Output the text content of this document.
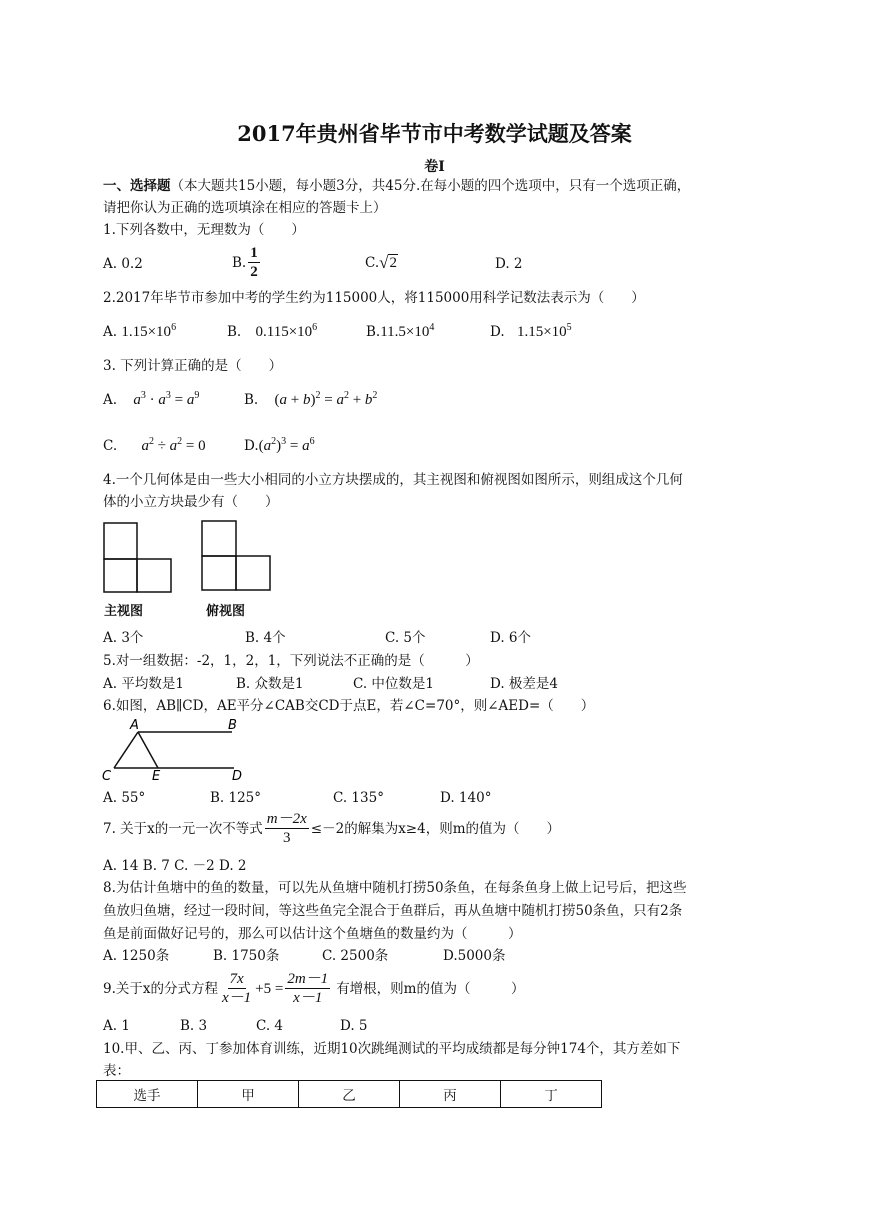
2017年贵州省毕节市中考数学试题及答案
卷Ⅰ
一、选择题（本大题共15小题，每小题3分，共45分.在每小题的四个选项中，只有一个选项正确，
请把你认为正确的选项填涂在相应的答题卡上）
1.下列各数中，无理数为（　　）
A. 0.2	B. $\frac{1}{2}$	C. √ 2	D. 2
2.2017年毕节市参加中考的学生约为115000人，将115000用科学记数法表示为（　　）
A. $1.15\times 10^6$	B. $0.115\times 10^6$	$B.11.5\times 10^4$	D. $1.15\times 10^5$
3. 下列计算正确的是（　　）
A. $a^3 \cdot a^3 = a^9$	B. $(a + b)^2 = a^2 + b^2$
C. $a^2 \div a^2 = 0$	$D.(a^2)^3 = a^6$
4.一个几何体是由一些大小相同的小立方块摆成的，其主视图和俯视图如图所示，则组成这个几何
体的小立方块最少有（　　）
主视图	俯视图
A. 3个	B. 4个	C. 5个	D. 6个
5.对一组数据：-2，1，2，1，下列说法不正确的是（　　　）
A. 平均数是1	B. 众数是1	C. 中位数是1	D. 极差是4
6.如图，AB∥CD，AE平分∠CAB交CD于点E，若∠C=70°，则∠AED=（　　）
A	B
C	E	D
A. 55°	B. 125°	C. 135°	D. 140°
7. 关于x的一元一次不等式 $\frac{m-2x}{3} \le-2$的解集为x≥4，则m的值为（　　）
A. 14 B. 7 C. －2 D. 2
8.为估计鱼塘中的鱼的数量，可以先从鱼塘中随机打捞50条鱼，在每条鱼身上做上记号后，把这些
鱼放归鱼塘，经过一段时间，等这些鱼完全混合于鱼群后，再从鱼塘中随机打捞50条鱼，只有2条
鱼是前面做好记号的，那么可以估计这个鱼塘鱼的数量约为（　　　）
A. 1250条	B. 1750条	C. 2500条	D.5000条
9.关于x的分式方程 $\frac{7x}{x-1} +5 = \frac{2m-1}{x-1}$ 有增根，则m的值为（　　　）
A. 1	B. 3	C. 4	D. 5
10.甲、乙、丙、丁参加体育训练，近期10次跳绳测试的平均成绩都是每分钟174个，其方差如下
表：
选手	甲	乙	丙	丁
